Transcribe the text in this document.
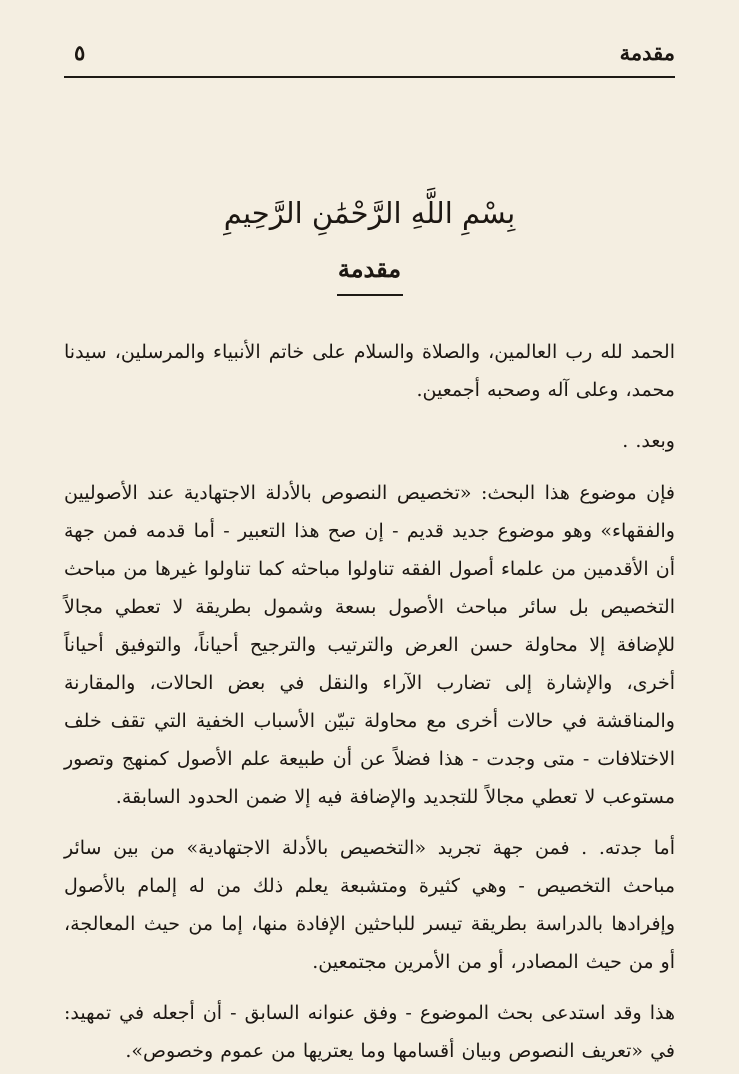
مقدمة
٥
بِسْمِ اللَّهِ الرَّحْمَٰنِ الرَّحِيمِ
مقدمة

الحمد لله رب العالمين، والصلاة والسلام على خاتم الأنبياء والمرسلين، سيدنا محمد، وعلى آله وصحبه أجمعين.

وبعد. .

فإن موضوع هذا البحث: «تخصيص النصوص بالأدلة الاجتهادية عند الأصوليين والفقهاء» وهو موضوع جديد قديم - إن صح هذا التعبير - أما قدمه فمن جهة أن الأقدمين من علماء أصول الفقه تناولوا مباحثه كما تناولوا غيرها من مباحث التخصيص بل سائر مباحث الأصول بسعة وشمول بطريقة لا تعطي مجالاً للإضافة إلا محاولة حسن العرض والترتيب والترجيح أحياناً، والتوفيق أحياناً أخرى، والإشارة إلى تضارب الآراء والنقل في بعض الحالات، والمقارنة والمناقشة في حالات أخرى مع محاولة تبيّن الأسباب الخفية التي تقف خلف الاختلافات - متى وجدت - هذا فضلاً عن أن طبيعة علم الأصول كمنهج وتصور مستوعب لا تعطي مجالاً للتجديد والإضافة فيه إلا ضمن الحدود السابقة.

أما جدته. . فمن جهة تجريد «التخصيص بالأدلة الاجتهادية» من بين سائر مباحث التخصيص - وهي كثيرة ومتشبعة يعلم ذلك من له إلمام بالأصول وإفرادها بالدراسة بطريقة تيسر للباحثين الإفادة منها، إما من حيث المعالجة، أو من حيث المصادر، أو من الأمرين مجتمعين.

هذا وقد استدعى بحث الموضوع - وفق عنوانه السابق - أن أجعله في تمهيد: في «تعريف النصوص وبيان أقسامها وما يعتريها من عموم وخصوص».
